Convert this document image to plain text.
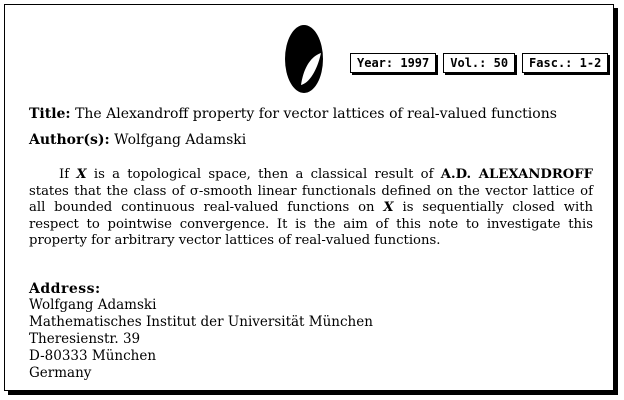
Year: 1997	Vol.: 50	Fasc.: 1-2
Title: The Alexandroff property for vector lattices of real-valued functions
Author(s): Wolfgang Adamski

If X is a topological space, then a classical result of A.D. ALEXANDROFF states that the class of σ-smooth linear functionals defined on the vector lattice of all bounded continuous real-valued functions on X is sequentially closed with respect to pointwise convergence. It is the aim of this note to investigate this property for arbitrary vector lattices of real-valued functions.

Address:
Wolfgang Adamski
Mathematisches Institut der Universität München
Theresienstr. 39
D-80333 München
Germany
